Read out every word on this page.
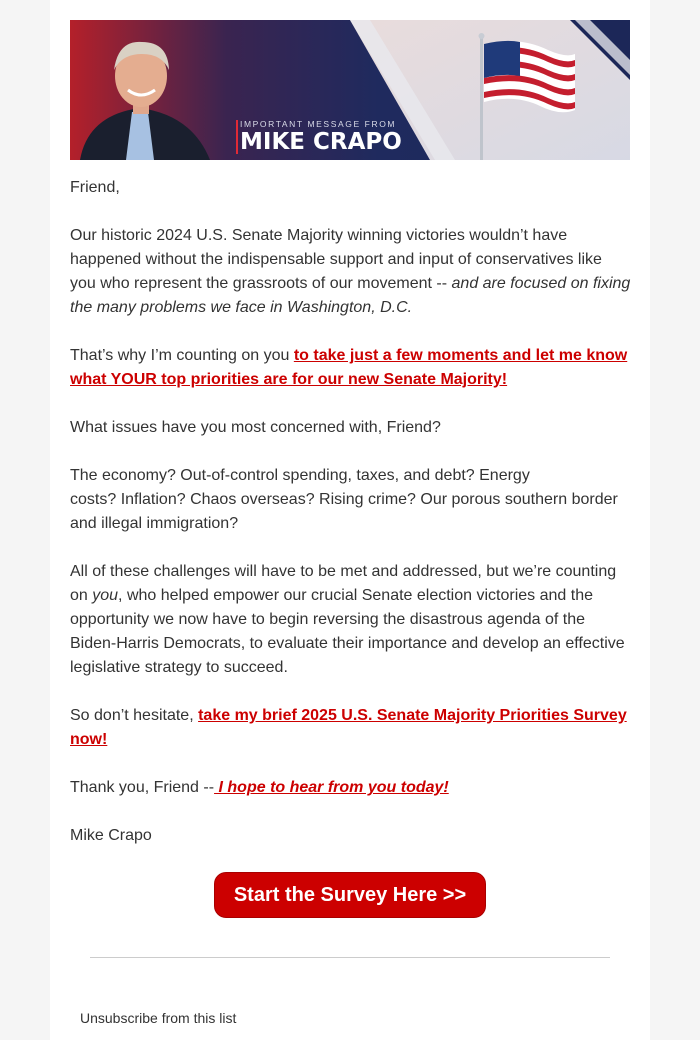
IMPORTANT MESSAGE FROM
MIKE CRAPO

Friend,

Our historic 2024 U.S. Senate Majority winning victories wouldn’t have happened without the indispensable support and input of conservatives like you who represent the grassroots of our movement -- and are focused on fixing the many problems we face in Washington, D.C.

That’s why I’m counting on you to take just a few moments and let me know what YOUR top priorities are for our new Senate Majority!

What issues have you most concerned with, Friend?

The economy? Out-of-control spending, taxes, and debt? Energy
costs? Inflation? Chaos overseas? Rising crime? Our porous southern border and illegal immigration?

All of these challenges will have to be met and addressed, but we’re counting on you, who helped empower our crucial Senate election victories and the opportunity we now have to begin reversing the disastrous agenda of the Biden-Harris Democrats, to evaluate their importance and develop an effective legislative strategy to succeed.

So don’t hesitate, take my brief 2025 U.S. Senate Majority Priorities Survey now!

Thank you, Friend -- I hope to hear from you today!

Mike Crapo

Start the Survey Here >>
Unsubscribe from this list
